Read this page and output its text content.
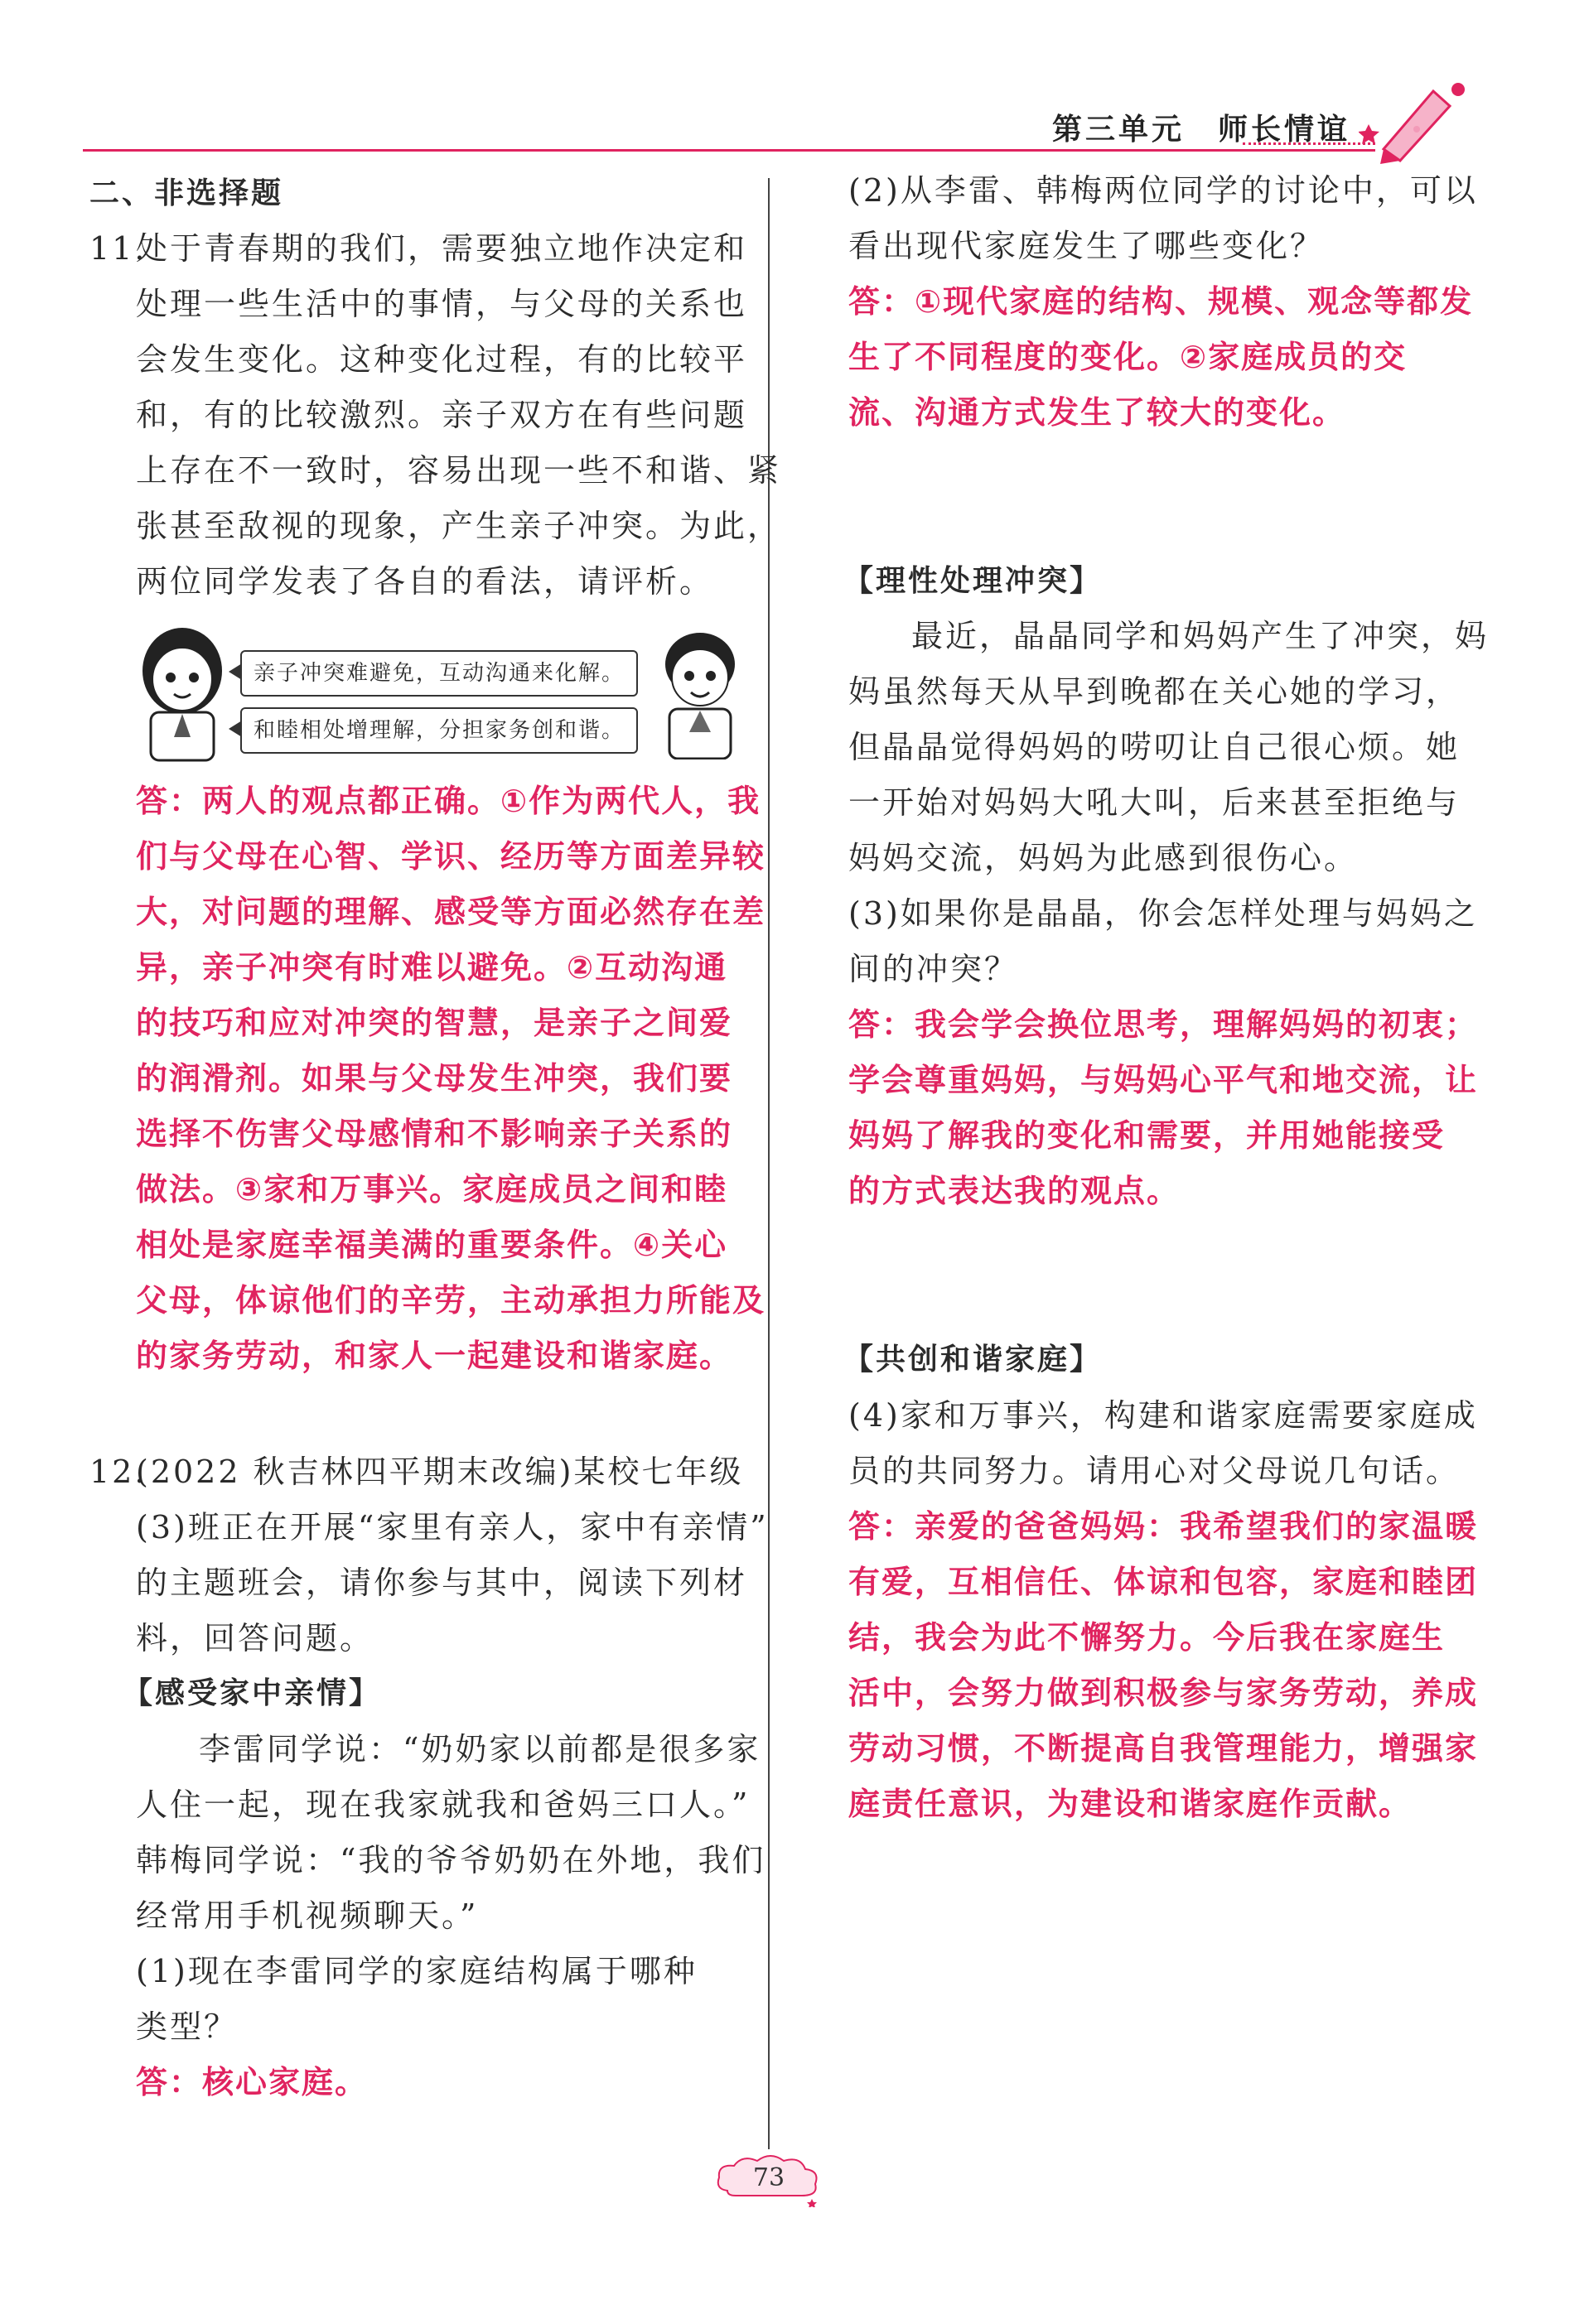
第三单元　师长情谊
二、非选择题
11.
处于青春期的我们，需要独立地作决定和
处理一些生活中的事情，与父母的关系也
会发生变化。这种变化过程，有的比较平
和，有的比较激烈。亲子双方在有些问题
上存在不一致时，容易出现一些不和谐、紧
张甚至敌视的现象，产生亲子冲突。为此，
两位同学发表了各自的看法，请评析。
亲子冲突难避免，互动沟通来化解。
和睦相处增理解，分担家务创和谐。
答：两人的观点都正确。①作为两代人，我
们与父母在心智、学识、经历等方面差异较
大，对问题的理解、感受等方面必然存在差
异，亲子冲突有时难以避免。②互动沟通
的技巧和应对冲突的智慧，是亲子之间爱
的润滑剂。如果与父母发生冲突，我们要
选择不伤害父母感情和不影响亲子关系的
做法。③家和万事兴。家庭成员之间和睦
相处是家庭幸福美满的重要条件。④关心
父母，体谅他们的辛劳，主动承担力所能及
的家务劳动，和家人一起建设和谐家庭。
12.
(2022 秋吉林四平期末改编)某校七年级
(3)班正在开展“家里有亲人，家中有亲情”
的主题班会，请你参与其中，阅读下列材
料，回答问题。
【感受家中亲情】
李雷同学说：“奶奶家以前都是很多家
人住一起，现在我家就我和爸妈三口人。”
韩梅同学说：“我的爷爷奶奶在外地，我们
经常用手机视频聊天。”
(1)现在李雷同学的家庭结构属于哪种
类型？
答：核心家庭。
(2)从李雷、韩梅两位同学的讨论中，可以
看出现代家庭发生了哪些变化？
答：①现代家庭的结构、规模、观念等都发
生了不同程度的变化。②家庭成员的交
流、沟通方式发生了较大的变化。
【理性处理冲突】
最近，晶晶同学和妈妈产生了冲突，妈
妈虽然每天从早到晚都在关心她的学习，
但晶晶觉得妈妈的唠叨让自己很心烦。她
一开始对妈妈大吼大叫，后来甚至拒绝与
妈妈交流，妈妈为此感到很伤心。
(3)如果你是晶晶，你会怎样处理与妈妈之
间的冲突？
答：我会学会换位思考，理解妈妈的初衷；
学会尊重妈妈，与妈妈心平气和地交流，让
妈妈了解我的变化和需要，并用她能接受
的方式表达我的观点。
【共创和谐家庭】
(4)家和万事兴，构建和谐家庭需要家庭成
员的共同努力。请用心对父母说几句话。
答：亲爱的爸爸妈妈：我希望我们的家温暖
有爱，互相信任、体谅和包容，家庭和睦团
结，我会为此不懈努力。今后我在家庭生
活中，会努力做到积极参与家务劳动，养成
劳动习惯，不断提高自我管理能力，增强家
庭责任意识，为建设和谐家庭作贡献。
73
